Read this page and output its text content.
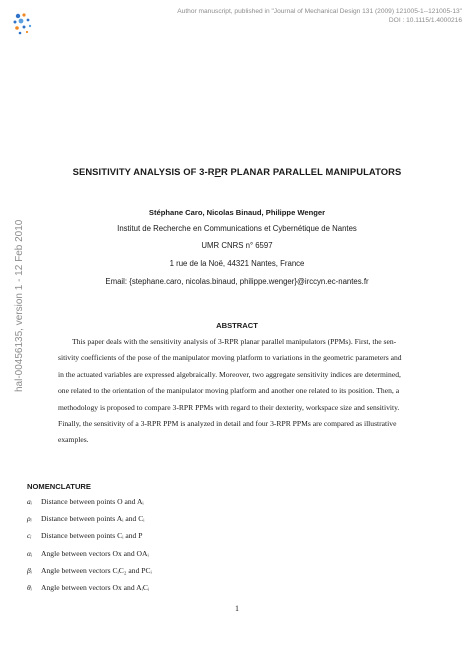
Author manuscript, published in "Journal of Mechanical Design 131 (2009) 121005-1--121005-13"
DOI : 10.1115/1.4000216
hal-00456135, version 1 - 12 Feb 2010
SENSITIVITY ANALYSIS OF 3-RPR PLANAR PARALLEL MANIPULATORS
Stéphane Caro, Nicolas Binaud, Philippe Wenger
Institut de Recherche en Communications et Cybernétique de Nantes
UMR CNRS n° 6597
1 rue de la Noë, 44321 Nantes, France
Email: {stephane.caro, nicolas.binaud, philippe.wenger}@irccyn.ec-nantes.fr
ABSTRACT
This paper deals with the sensitivity analysis of 3-RPR planar parallel manipulators (PPMs). First, the sen-
sitivity coefficients of the pose of the manipulator moving platform to variations in the geometric parameters and
in the actuated variables are expressed algebraically. Moreover, two aggregate sensitivity indices are determined,
one related to the orientation of the manipulator moving platform and another one related to its position. Then, a
methodology is proposed to compare 3-RPR PPMs with regard to their dexterity, workspace size and sensitivity.
Finally, the sensitivity of a 3-RPR PPM is analyzed in detail and four 3-RPR PPMs are compared as illustrative
examples.
NOMENCLATURE
aᵢ Distance between points O and Aᵢ
ρᵢ Distance between points Aᵢ and Cᵢ
cᵢ Distance between points Cᵢ and P
αᵢ Angle between vectors Ox and OAᵢ
βᵢ Angle between vectors CᵢC₂ and PCᵢ
θᵢ Angle between vectors Ox and AᵢCᵢ
1
